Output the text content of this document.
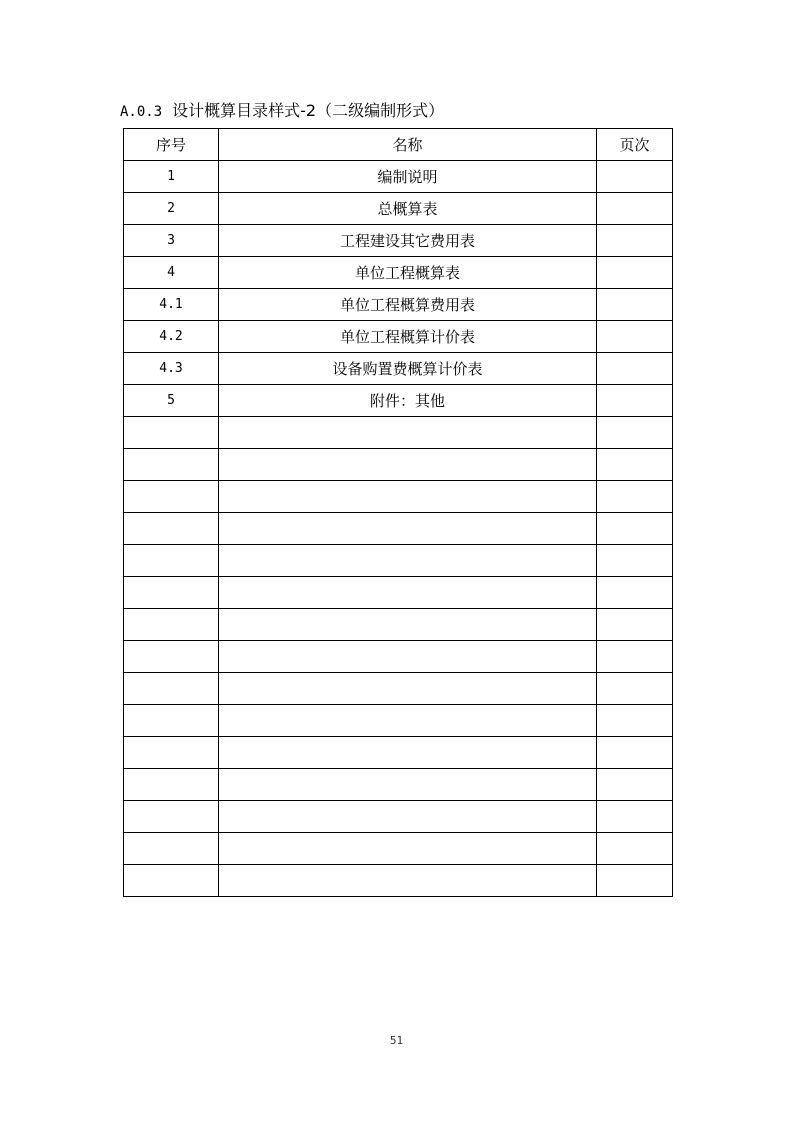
A.0.3 设计概算目录样式-2（二级编制形式）
序号	名称	页次
1	编制说明	
2	总概算表	
3	工程建设其它费用表	
4	单位工程概算表	
4.1	单位工程概算费用表	
4.2	单位工程概算计价表	
4.3	设备购置费概算计价表	
5	附件：其他	

51
